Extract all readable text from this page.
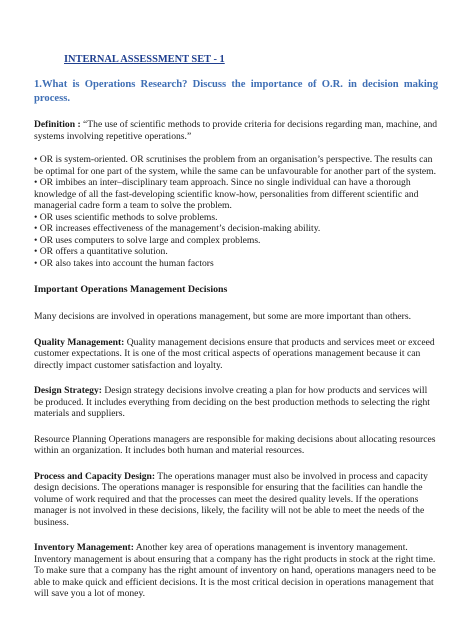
INTERNAL ASSESSMENT SET - 1
1.What is Operations Research? Discuss the importance of O.R. in decision making process.

Definition : “The use of scientific methods to provide criteria for decisions regarding man, machine, and systems involving repetitive operations.”

• OR is system-oriented. OR scrutinises the problem from an organisation’s perspective. The results can be optimal for one part of the system, while the same can be unfavourable for another part of the system.
• OR imbibes an inter–disciplinary team approach. Since no single individual can have a thorough knowledge of all the fast-developing scientific know-how, personalities from different scientific and managerial cadre form a team to solve the problem.
• OR uses scientific methods to solve problems.
• OR increases effectiveness of the management’s decision-making ability.
• OR uses computers to solve large and complex problems.
• OR offers a quantitative solution.
• OR also takes into account the human factors
Important Operations Management Decisions

Many decisions are involved in operations management, but some are more important than others.

Quality Management: Quality management decisions ensure that products and services meet or exceed customer expectations. It is one of the most critical aspects of operations management because it can directly impact customer satisfaction and loyalty.

Design Strategy: Design strategy decisions involve creating a plan for how products and services will be produced. It includes everything from deciding on the best production methods to selecting the right materials and suppliers.

Resource Planning Operations managers are responsible for making decisions about allocating resources within an organization. It includes both human and material resources.

Process and Capacity Design: The operations manager must also be involved in process and capacity design decisions. The operations manager is responsible for ensuring that the facilities can handle the volume of work required and that the processes can meet the desired quality levels. If the operations manager is not involved in these decisions, likely, the facility will not be able to meet the needs of the business.

Inventory Management: Another key area of operations management is inventory management. Inventory management is about ensuring that a company has the right products in stock at the right time. To make sure that a company has the right amount of inventory on hand, operations managers need to be able to make quick and efficient decisions. It is the most critical decision in operations management that will save you a lot of money.
